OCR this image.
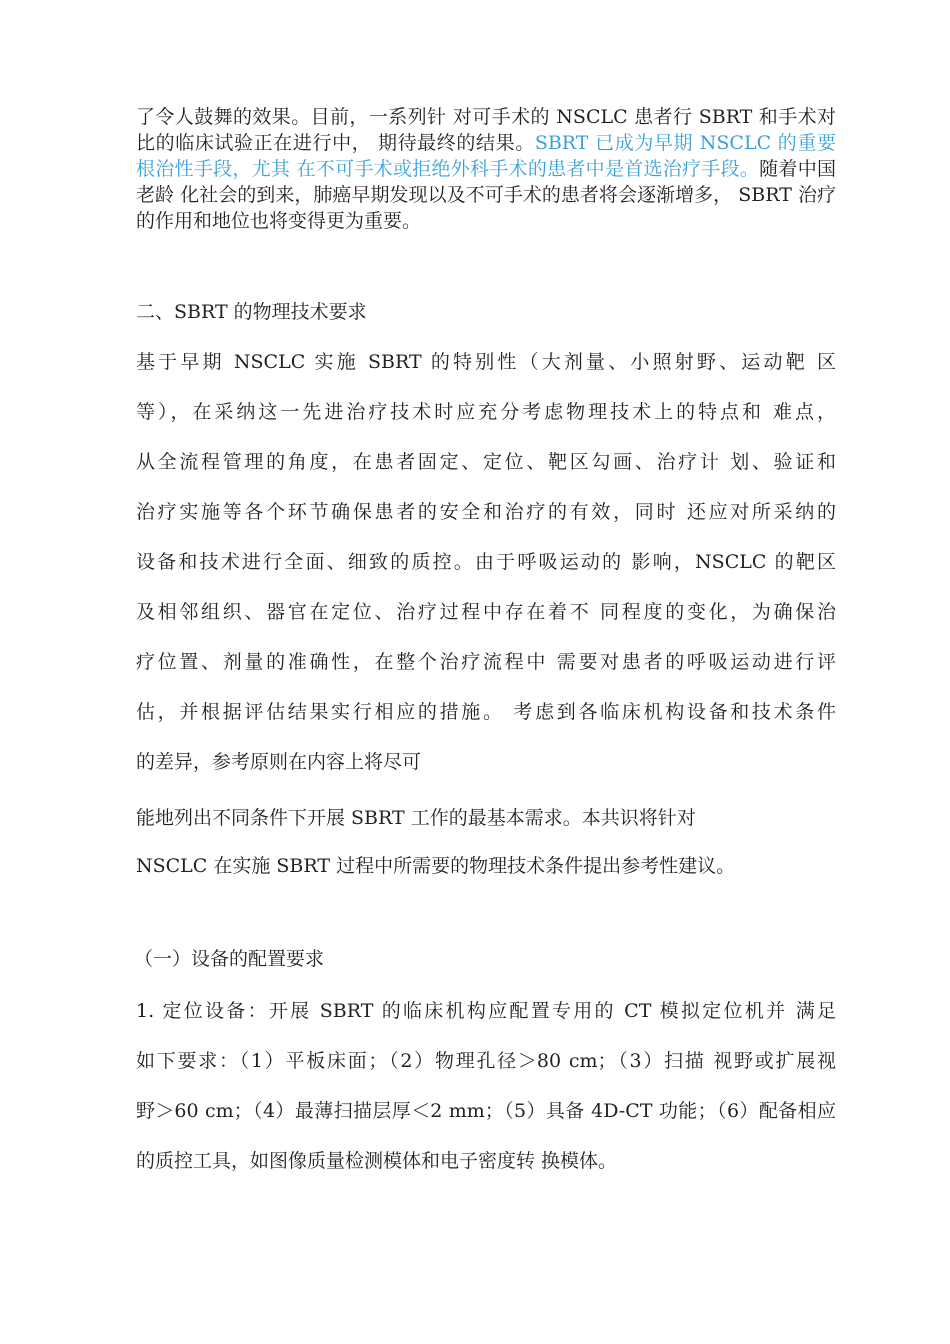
了令人鼓舞的效果。目前，一系列针 对可手术的 NSCLC 患者行 SBRT 和手术对比的临床试验正在进行中， 期待最终的结果。SBRT 已成为早期 NSCLC 的重要根治性手段，尤其 在不可手术或拒绝外科手术的患者中是首选治疗手段。随着中国老龄 化社会的到来，肺癌早期发现以及不可手术的患者将会逐渐增多， SBRT 治疗的作用和地位也将变得更为重要。

二、SBRT 的物理技术要求
基于早期 NSCLC 实施 SBRT 的特别性（大剂量、小照射野、运动靶 区
等），在采纳这一先进治疗技术时应充分考虑物理技术上的特点和 难点，
从全流程管理的角度，在患者固定、定位、靶区勾画、治疗计 划、验证和
治疗实施等各个环节确保患者的安全和治疗的有效，同时 还应对所采纳的
设备和技术进行全面、细致的质控。由于呼吸运动的 影响，NSCLC 的靶区
及相邻组织、器官在定位、治疗过程中存在着不 同程度的变化，为确保治
疗位置、剂量的准确性，在整个治疗流程中 需要对患者的呼吸运动进行评
估，并根据评估结果实行相应的措施。 考虑到各临床机构设备和技术条件
的差异，参考原则在内容上将尽可
能地列出不同条件下开展 SBRT 工作的最基本需求。本共识将针对
NSCLC 在实施 SBRT 过程中所需要的物理技术条件提出参考性建议。
（一）设备的配置要求
1. 定位设备：开展 SBRT 的临床机构应配置专用的 CT 模拟定位机并 满足
如下要求：（1）平板床面；（2）物理孔径＞80 cm；（3）扫描 视野或扩展视
野＞60 cm；（4）最薄扫描层厚＜2 mm；（5）具备 4D-CT 功能；（6）配备相应
的质控工具，如图像质量检测模体和电子密度转 换模体。
